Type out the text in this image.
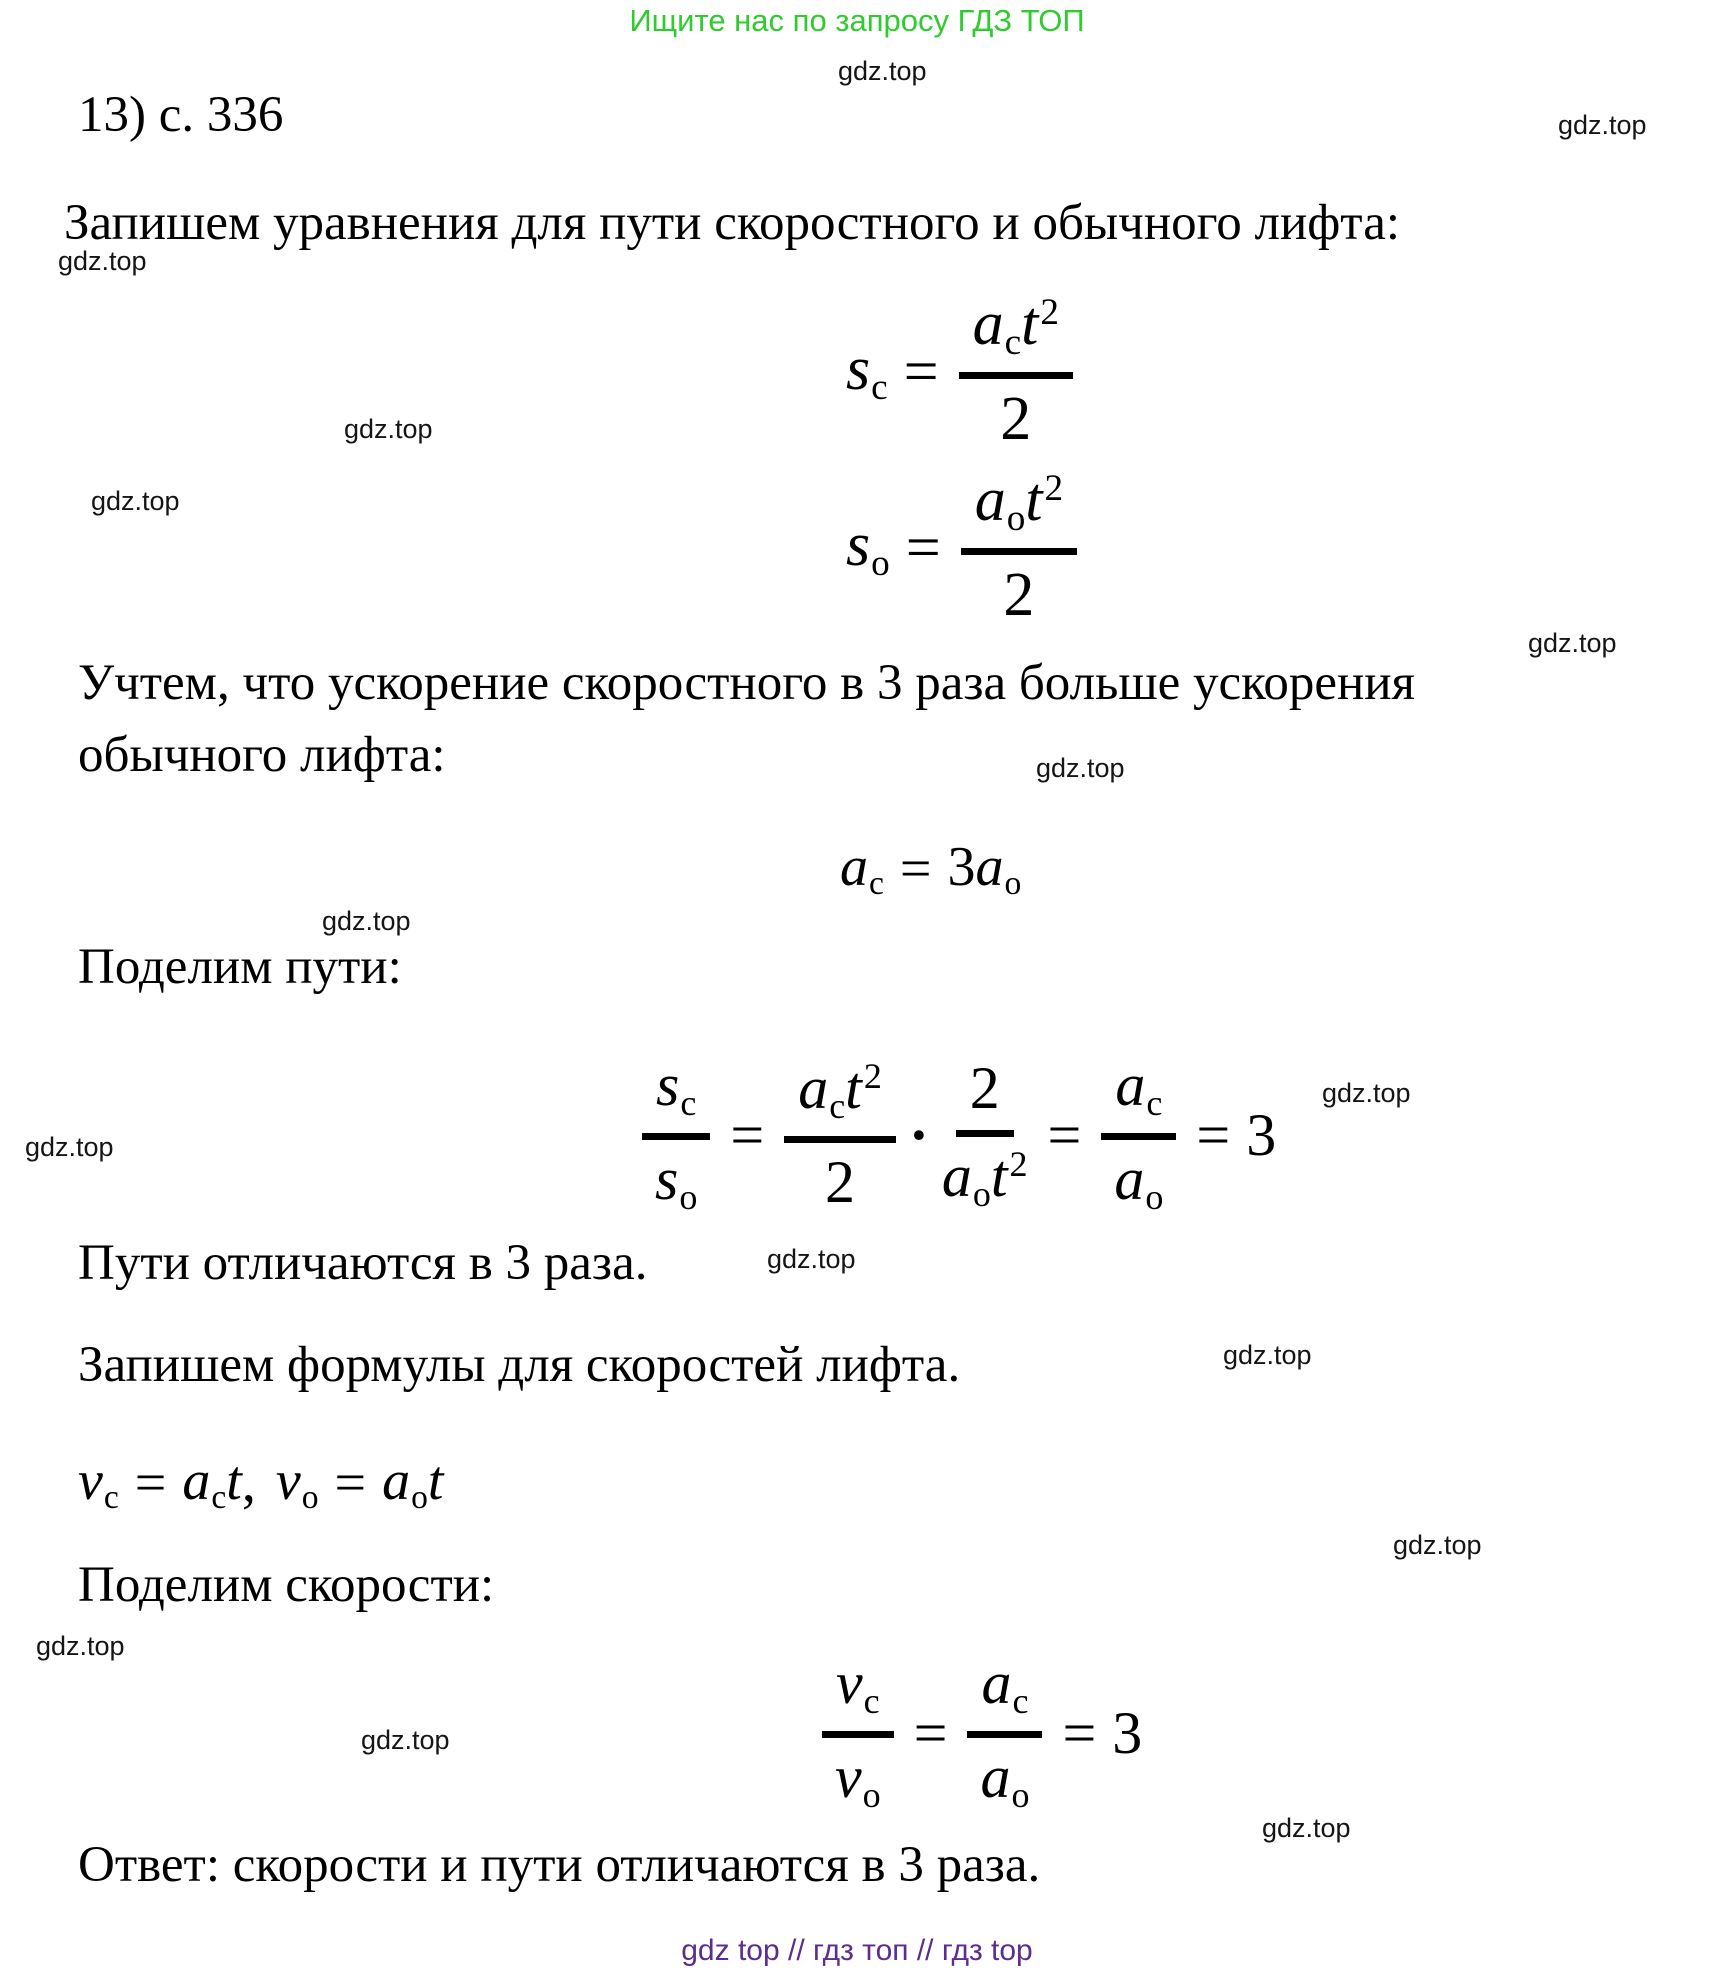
Ищите нас по запросу ГДЗ ТОП
gdz.top
gdz.top
gdz.top
gdz.top
gdz.top
gdz.top
gdz.top
gdz.top
gdz.top
gdz.top
gdz.top
gdz.top
gdz.top
gdz.top
gdz.top
gdz.top
13) с. 336
Запишем уравнения для пути скоростного и обычного лифта:
Учтем, что ускорение скоростного в 3 раза больше ускорения
обычного лифта:
Поделим пути:
Пути отличаются в 3 раза.
Запишем формулы для скоростей лифта.
Поделим скорости:
Ответ: скорости и пути отличаются в 3 раза.
$s_с = \frac{a_сt^2}{2}$
$s_о = \frac{a_оt^2}{2}$
$a_с = 3a_о$
$\frac{s_с}{s_о} = \frac{a_сt^2}{2} \cdot \frac{2}{a_оt^2} = \frac{a_с}{a_о} = 3$
$v_с = a_сt$ , $v_о = a_оt$
$\frac{v_с}{v_о} = \frac{a_с}{a_о} = 3$
gdz top // гдз топ // гдз top
